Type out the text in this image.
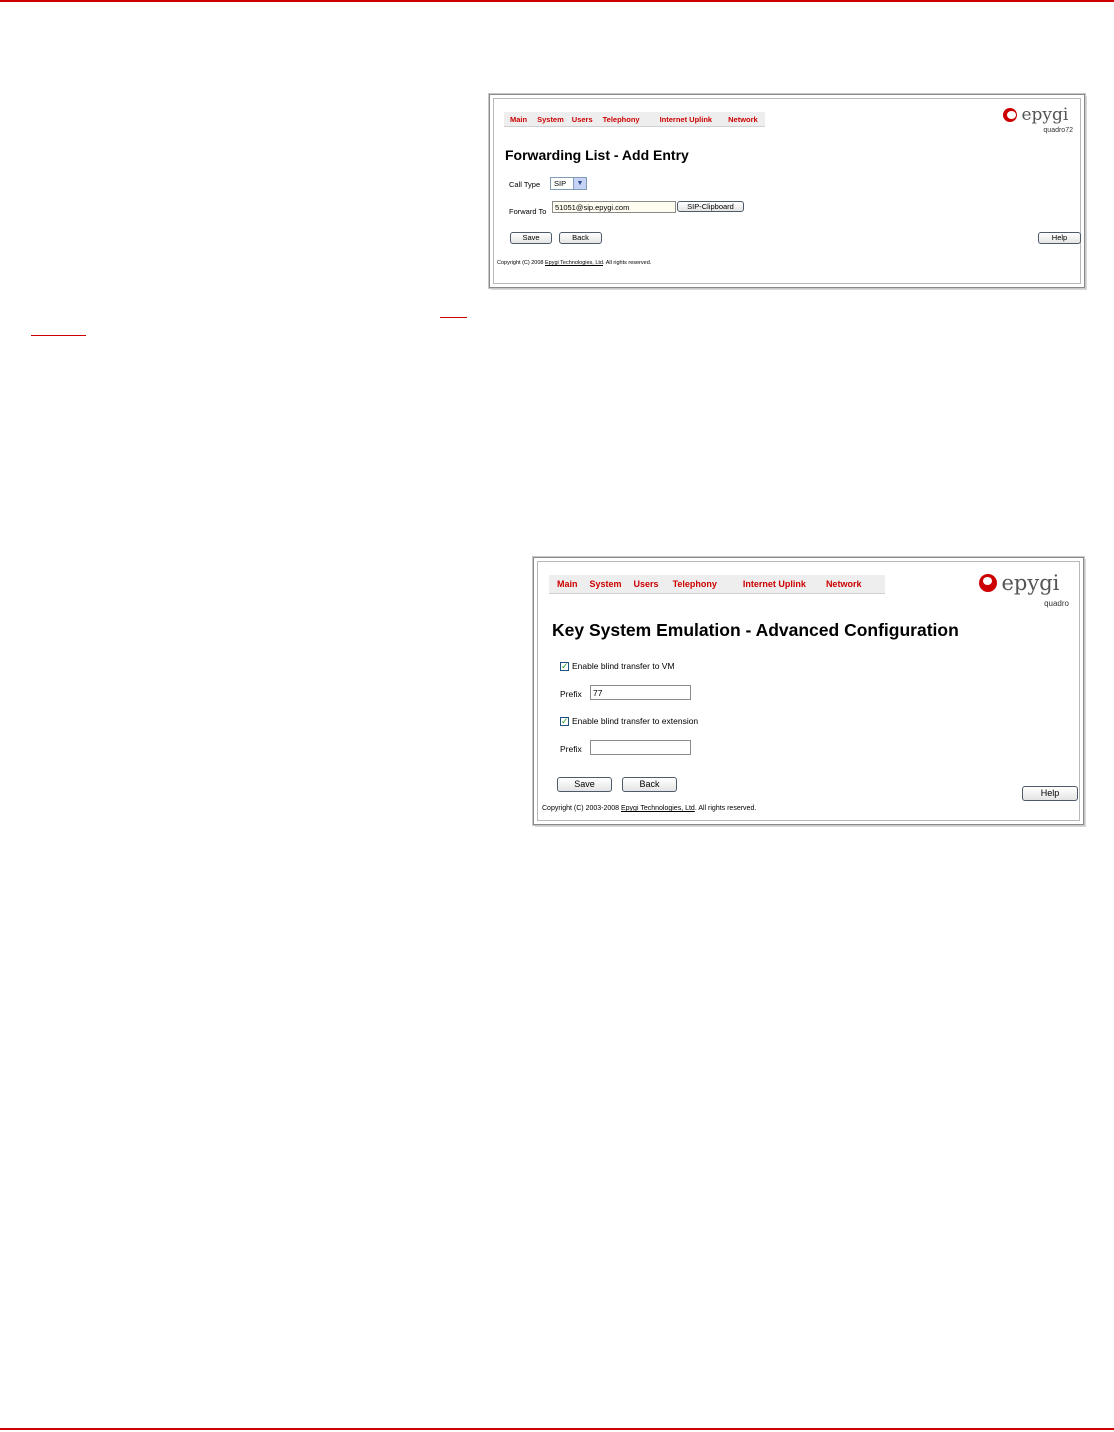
Main System Users Telephony	Internet Uplink Network	epygi
quadro72
Forwarding List - Add Entry
Call Type	SIP	▼
Forward To
51051@sip.epygi.com
SIP-Clipboard
Save	Back	Help
Copyright (C) 2008 Epygi Technologies, Ltd. All rights reserved.
Main System Users Telephony	Internet Uplink Network	epygi
quadro
Key System Emulation - Advanced Configuration
✓ Enable blind transfer to VM
Prefix
77
✓ Enable blind transfer to extension
Prefix
Save	Back
Help
Copyright (C) 2003-2008 Epygi Technologies, Ltd. All rights reserved.
